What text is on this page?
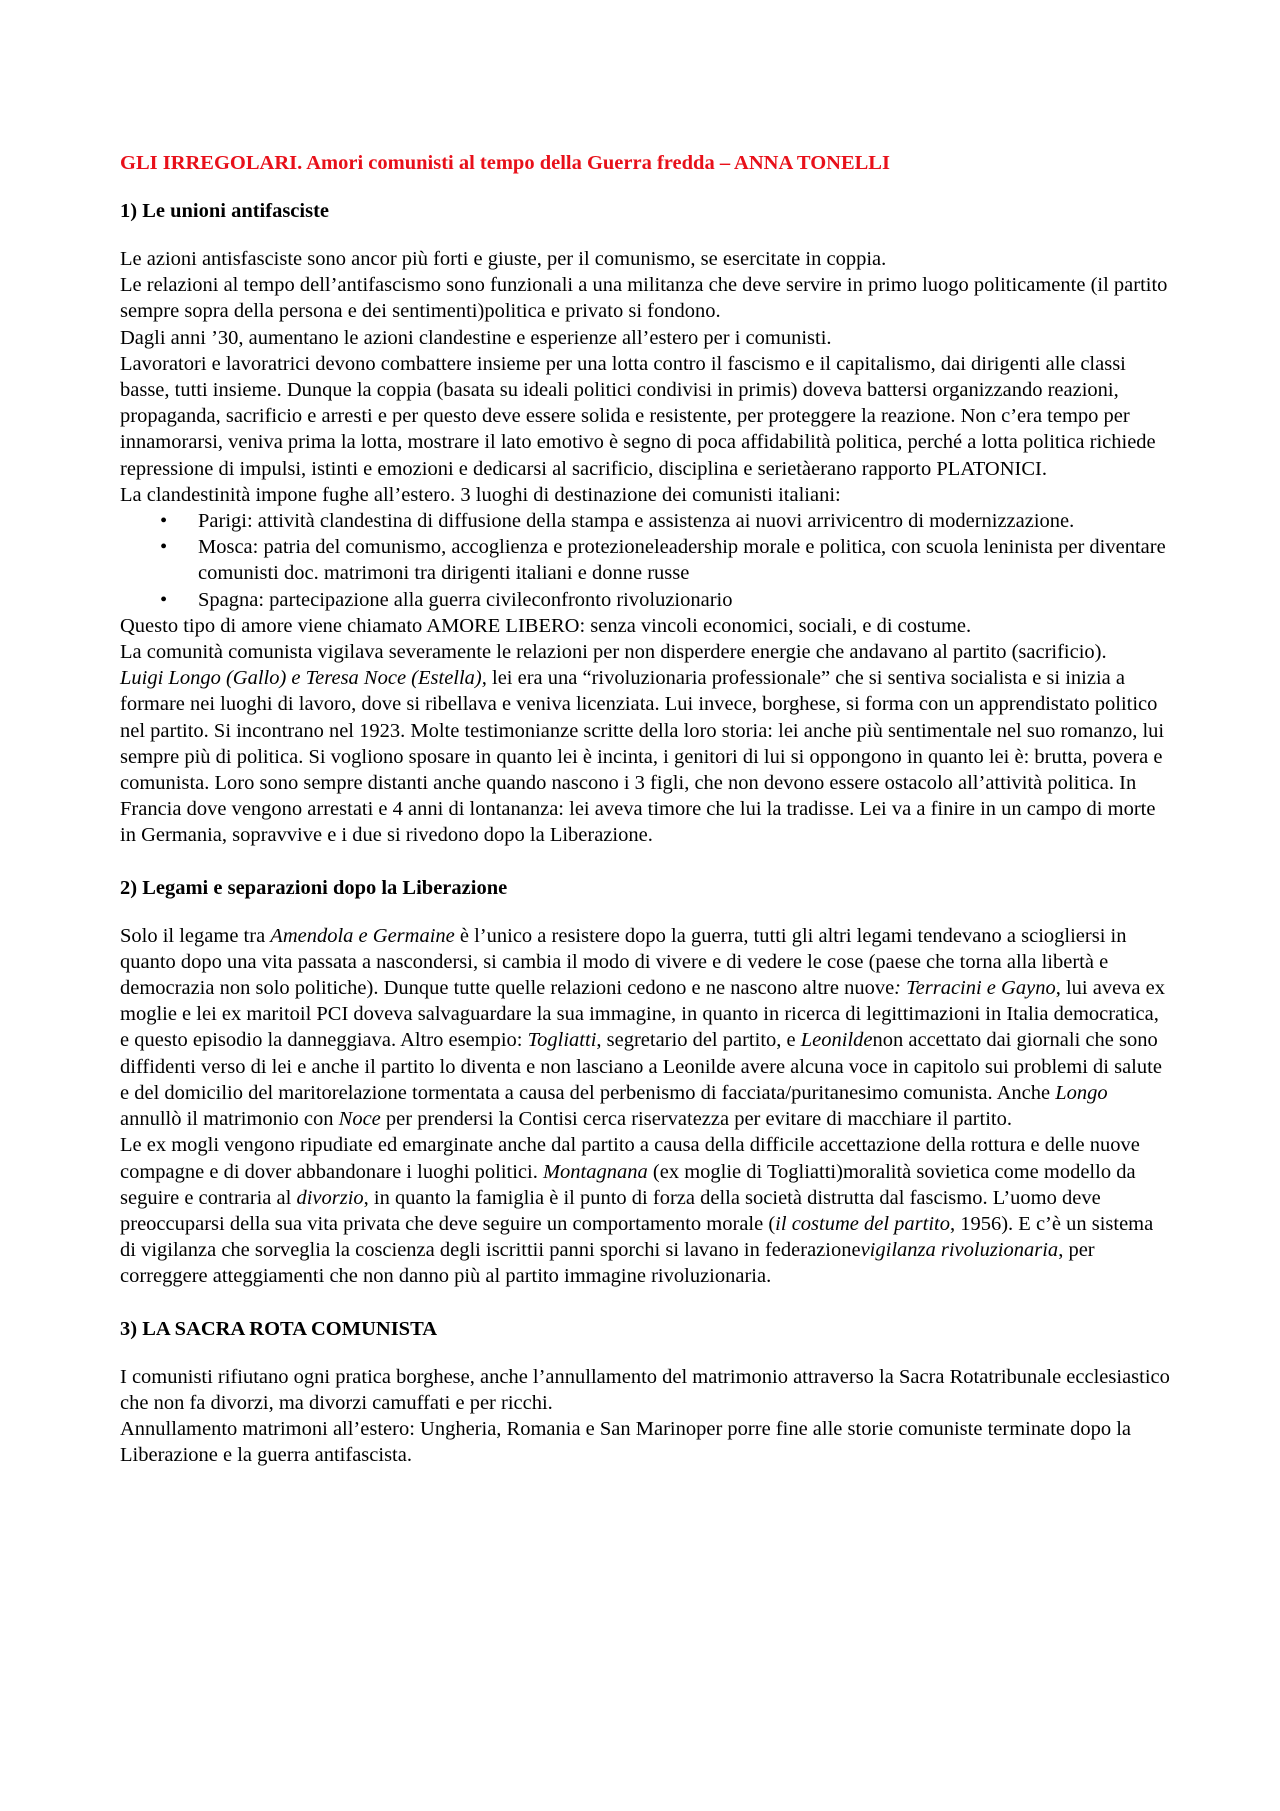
GLI IRREGOLARI. Amori comunisti al tempo della Guerra fredda – ANNA TONELLI

1) Le unioni antifasciste

Le azioni antisfasciste sono ancor più forti e giuste, per il comunismo, se esercitate in coppia.

Le relazioni al tempo dell’antifascismo sono funzionali a una militanza che deve servire in primo luogo politicamente (il partito sempre sopra della persona e dei sentimenti)politica e privato si fondono.

Dagli anni ’30, aumentano le azioni clandestine e esperienze all’estero per i comunisti.

Lavoratori e lavoratrici devono combattere insieme per una lotta contro il fascismo e il capitalismo, dai dirigenti alle classi basse, tutti insieme. Dunque la coppia (basata su ideali politici condivisi in primis) doveva battersi organizzando reazioni, propaganda, sacrificio e arresti e per questo deve essere solida e resistente, per proteggere la reazione. Non c’era tempo per innamorarsi, veniva prima la lotta, mostrare il lato emotivo è segno di poca affidabilità politica, perché a lotta politica richiede repressione di impulsi, istinti e emozioni e dedicarsi al sacrificio, disciplina e serietàerano rapporto PLATONICI.

La clandestinità impone fughe all’estero. 3 luoghi di destinazione dei comunisti italiani:

• Parigi: attività clandestina di diffusione della stampa e assistenza ai nuovi arrivicentro di modernizzazione.
• Mosca: patria del comunismo, accoglienza e protezioneleadership morale e politica, con scuola leninista per diventare comunisti doc. matrimoni tra dirigenti italiani e donne russe
• Spagna: partecipazione alla guerra civileconfronto rivoluzionario

Questo tipo di amore viene chiamato AMORE LIBERO: senza vincoli economici, sociali, e di costume.

La comunità comunista vigilava severamente le relazioni per non disperdere energie che andavano al partito (sacrificio).

Luigi Longo (Gallo) e Teresa Noce (Estella), lei era una “rivoluzionaria professionale” che si sentiva socialista e si inizia a formare nei luoghi di lavoro, dove si ribellava e veniva licenziata. Lui invece, borghese, si forma con un apprendistato politico nel partito. Si incontrano nel 1923. Molte testimonianze scritte della loro storia: lei anche più sentimentale nel suo romanzo, lui sempre più di politica. Si vogliono sposare in quanto lei è incinta, i genitori di lui si oppongono in quanto lei è: brutta, povera e comunista. Loro sono sempre distanti anche quando nascono i 3 figli, che non devono essere ostacolo all’attività politica. In Francia dove vengono arrestati e 4 anni di lontananza: lei aveva timore che lui la tradisse. Lei va a finire in un campo di morte in Germania, sopravvive e i due si rivedono dopo la Liberazione.

2) Legami e separazioni dopo la Liberazione

Solo il legame tra Amendola e Germaine è l’unico a resistere dopo la guerra, tutti gli altri legami tendevano a sciogliersi in quanto dopo una vita passata a nascondersi, si cambia il modo di vivere e di vedere le cose (paese che torna alla libertà e democrazia non solo politiche). Dunque tutte quelle relazioni cedono e ne nascono altre nuove: Terracini e Gayno, lui aveva ex moglie e lei ex maritoil PCI doveva salvaguardare la sua immagine, in quanto in ricerca di legittimazioni in Italia democratica, e questo episodio la danneggiava. Altro esempio: Togliatti, segretario del partito, e Leonildenon accettato dai giornali che sono diffidenti verso di lei e anche il partito lo diventa e non lasciano a Leonilde avere alcuna voce in capitolo sui problemi di salute e del domicilio del maritorelazione tormentata a causa del perbenismo di facciata/puritanesimo comunista. Anche Longo annullò il matrimonio con Noce per prendersi la Contisi cerca riservatezza per evitare di macchiare il partito.

Le ex mogli vengono ripudiate ed emarginate anche dal partito a causa della difficile accettazione della rottura e delle nuove compagne e di dover abbandonare i luoghi politici. Montagnana (ex moglie di Togliatti)moralità sovietica come modello da seguire e contraria al divorzio, in quanto la famiglia è il punto di forza della società distrutta dal fascismo. L’uomo deve preoccuparsi della sua vita privata che deve seguire un comportamento morale (il costume del partito, 1956). E c’è un sistema di vigilanza che sorveglia la coscienza degli iscrittii panni sporchi si lavano in federazionevigilanza rivoluzionaria, per correggere atteggiamenti che non danno più al partito immagine rivoluzionaria.

3) LA SACRA ROTA COMUNISTA

I comunisti rifiutano ogni pratica borghese, anche l’annullamento del matrimonio attraverso la Sacra Rotatribunale ecclesiastico che non fa divorzi, ma divorzi camuffati e per ricchi.

Annullamento matrimoni all’estero: Ungheria, Romania e San Marinoper porre fine alle storie comuniste terminate dopo la Liberazione e la guerra antifascista.
